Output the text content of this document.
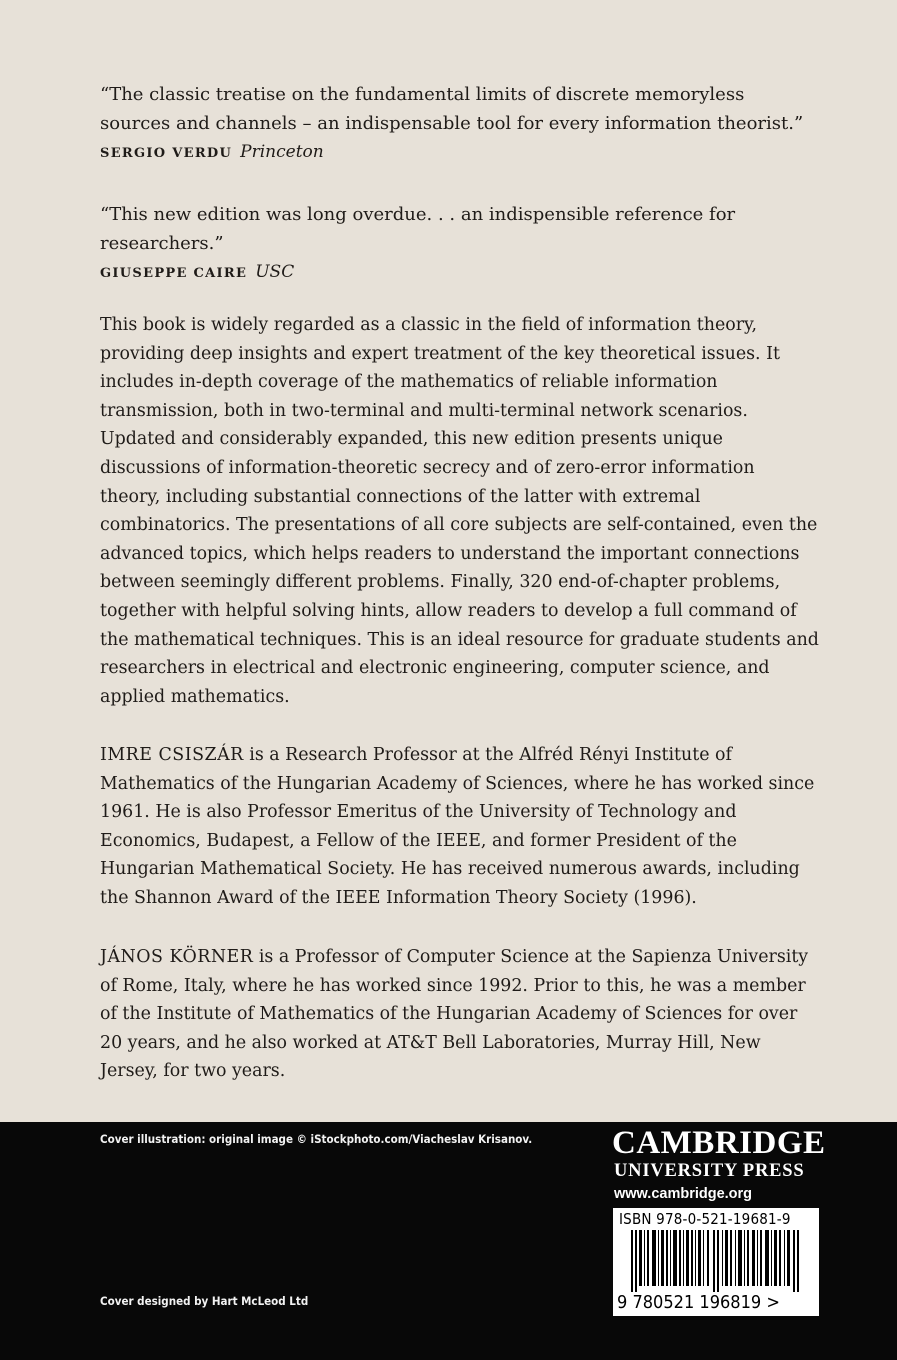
“The classic treatise on the fundamental limits of discrete memoryless sources and channels – an indispensable tool for every information theorist.”

SERGIO VERDU Princeton

“This new edition was long overdue. . . an indispensible reference for researchers.”

GIUSEPPE CAIRE USC

This book is widely regarded as a classic in the field of information theory, providing deep insights and expert treatment of the key theoretical issues. It includes in-depth coverage of the mathematics of reliable information transmission, both in two-terminal and multi-terminal network scenarios. Updated and considerably expanded, this new edition presents unique discussions of information-theoretic secrecy and of zero-error information theory, including substantial connections of the latter with extremal combinatorics. The presentations of all core subjects are self-contained, even the advanced topics, which helps readers to understand the important connections between seemingly different problems. Finally, 320 end-of-chapter problems, together with helpful solving hints, allow readers to develop a full command of the mathematical techniques. This is an ideal resource for graduate students and researchers in electrical and electronic engineering, computer science, and applied mathematics.

IMRE CSISZÁR is a Research Professor at the Alfréd Rényi Institute of Mathematics of the Hungarian Academy of Sciences, where he has worked since 1961. He is also Professor Emeritus of the University of Technology and Economics, Budapest, a Fellow of the IEEE, and former President of the Hungarian Mathematical Society. He has received numerous awards, including the Shannon Award of the IEEE Information Theory Society (1996).

JÁNOS KÖRNER is a Professor of Computer Science at the Sapienza University of Rome, Italy, where he has worked since 1992. Prior to this, he was a member of the Institute of Mathematics of the Hungarian Academy of Sciences for over 20 years, and he also worked at AT&T Bell Laboratories, Murray Hill, New Jersey, for two years.

Cover illustration: original image © iStockphoto.com/Viacheslav Krisanov.
Cover designed by Hart McLeod Ltd
CAMBRIDGE
UNIVERSITY PRESS
www.cambridge.org
ISBN 978-0-521-19681-9
9 780521 196819 >
